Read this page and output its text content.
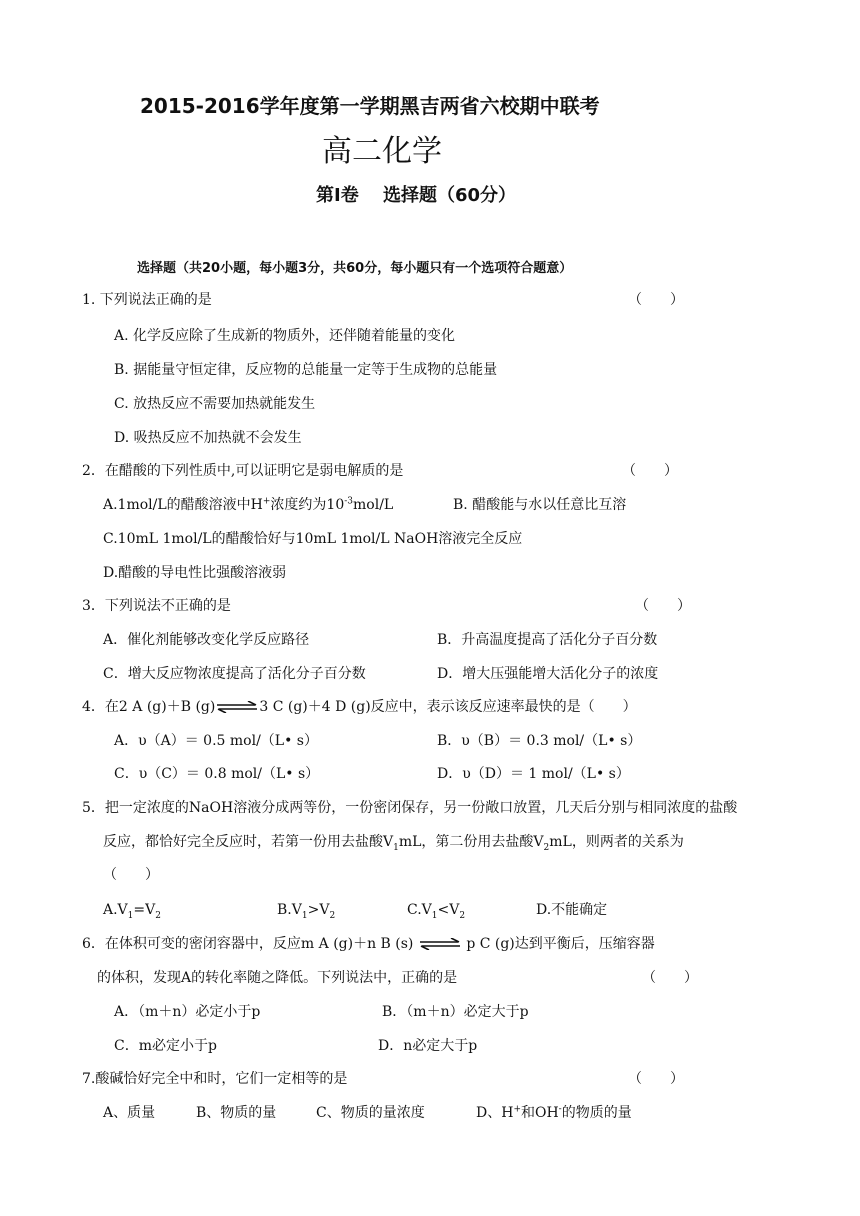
2015-2016学年度第一学期黑吉两省六校期中联考
高二化学
第Ⅰ卷　 选择题（60分）
选择题（共20小题，每小题3分，共60分，每小题只有一个选项符合题意）
1. 下列说法正确的是	（　　）
A. 化学反应除了生成新的物质外，还伴随着能量的变化
B. 据能量守恒定律，反应物的总能量一定等于生成物的总能量
C. 放热反应不需要加热就能发生
D. 吸热反应不加热就不会发生
2．在醋酸的下列性质中,可以证明它是弱电解质的是	（　　）
A.1mol/L的醋酸溶液中H+浓度约为$10^{-3}mol/L$	B. 醋酸能与水以任意比互溶
C.10mL 1mol/L的醋酸恰好与10mL 1mol/L NaOH溶液完全反应
D.醋酸的导电性比强酸溶液弱
3．下列说法不正确的是	（　　）
A．催化剂能够改变化学反应路径	B．升高温度提高了活化分子百分数
C．增大反应物浓度提高了活化分子百分数	D．增大压强能增大活化分子的浓度
4．在2 A (g)＋B (g)⇌3 C (g)＋4 D (g)反应中，表示该反应速率最快的是（　　）
A．υ（A）＝ 0.5 mol/（L• s）	B．υ（B）＝ 0.3 mol/（L• s）
C．υ（C）＝ 0.8 mol/（L• s）	D．υ（D）＝ 1 mol/（L• s）
5．把一定浓度的NaOH溶液分成两等份，一份密闭保存，另一份敞口放置，几天后分别与相同浓度的盐酸
反应，都恰好完全反应时，若第一份用去盐酸$V_1mL$，第二份用去盐酸$V_2mL$，则两者的关系为
（　　）
$A.V_1=V_2$	$B.V_1>V_2$	$C.V_1<V_2$	D.不能确定
6．在体积可变的密闭容器中，反应m A (g)＋n B (s) ⇌ p C (g)达到平衡后，压缩容器
的体积，发现A的转化率随之降低。下列说法中，正确的是	（　　）
A．（m＋n）必定小于p	B．（m＋n）必定大于p
C．m必定小于p	D．n必定大于p
7.酸碱恰好完全中和时，它们一定相等的是	（　　）
A、质量	B、物质的量	C、物质的量浓度	D、H+和OH-的物质的量
